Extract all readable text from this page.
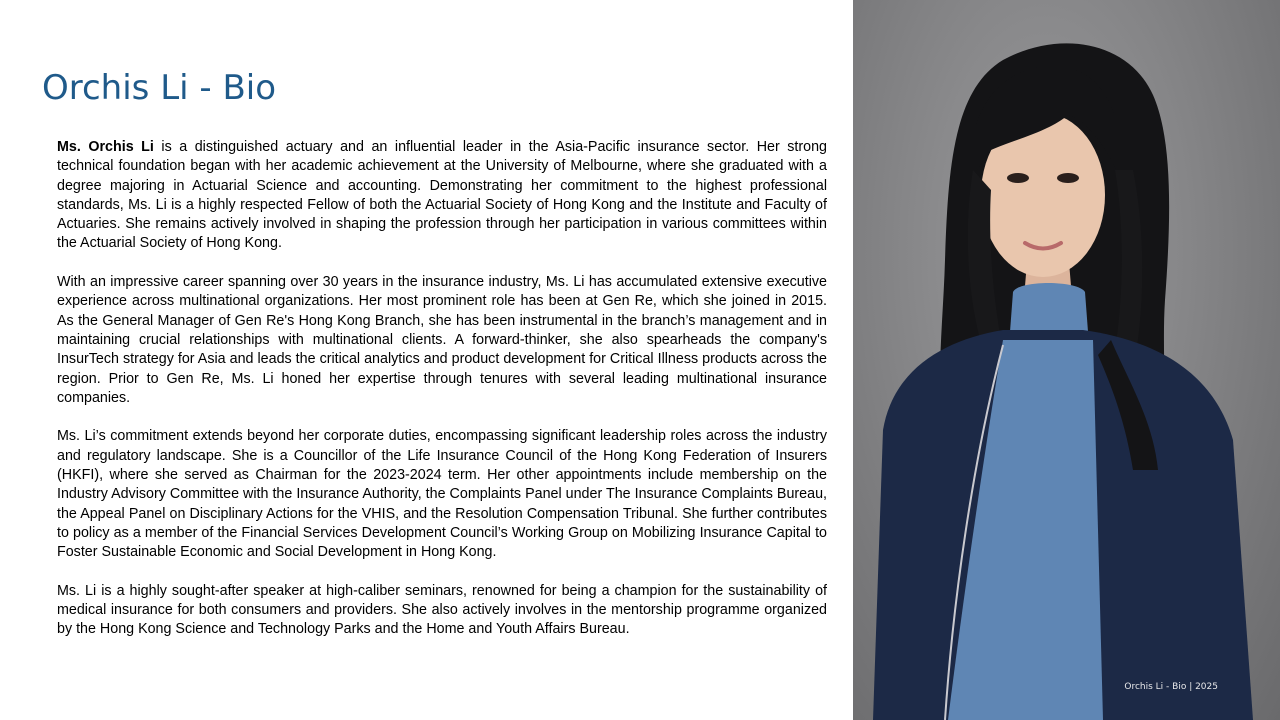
Orchis Li - Bio

Ms. Orchis Li is a distinguished actuary and an influential leader in the Asia-Pacific insurance sector. Her strong technical foundation began with her academic achievement at the University of Melbourne, where she graduated with a degree majoring in Actuarial Science and accounting. Demonstrating her commitment to the highest professional standards, Ms. Li is a highly respected Fellow of both the Actuarial Society of Hong Kong and the Institute and Faculty of Actuaries. She remains actively involved in shaping the profession through her participation in various committees within the Actuarial Society of Hong Kong.

With an impressive career spanning over 30 years in the insurance industry, Ms. Li has accumulated extensive executive experience across multinational organizations. Her most prominent role has been at Gen Re, which she joined in 2015. As the General Manager of Gen Re's Hong Kong Branch, she has been instrumental in the branch’s management and in maintaining crucial relationships with multinational clients. A forward-thinker, she also spearheads the company's InsurTech strategy for Asia and leads the critical analytics and product development for Critical Illness products across the region. Prior to Gen Re, Ms. Li honed her expertise through tenures with several leading multinational insurance companies.

Ms. Li’s commitment extends beyond her corporate duties, encompassing significant leadership roles across the industry and regulatory landscape. She is a Councillor of the Life Insurance Council of the Hong Kong Federation of Insurers (HKFI), where she served as Chairman for the 2023-2024 term. Her other appointments include membership on the Industry Advisory Committee with the Insurance Authority, the Complaints Panel under The Insurance Complaints Bureau, the Appeal Panel on Disciplinary Actions for the VHIS, and the Resolution Compensation Tribunal. She further contributes to policy as a member of the Financial Services Development Council’s Working Group on Mobilizing Insurance Capital to Foster Sustainable Economic and Social Development in Hong Kong.

Ms. Li is a highly sought-after speaker at high-caliber seminars, renowned for being a champion for the sustainability of medical insurance for both consumers and providers. She also actively involves in the mentorship programme organized by the Hong Kong Science and Technology Parks and the Home and Youth Affairs Bureau.

Orchis Li - Bio | 2025
